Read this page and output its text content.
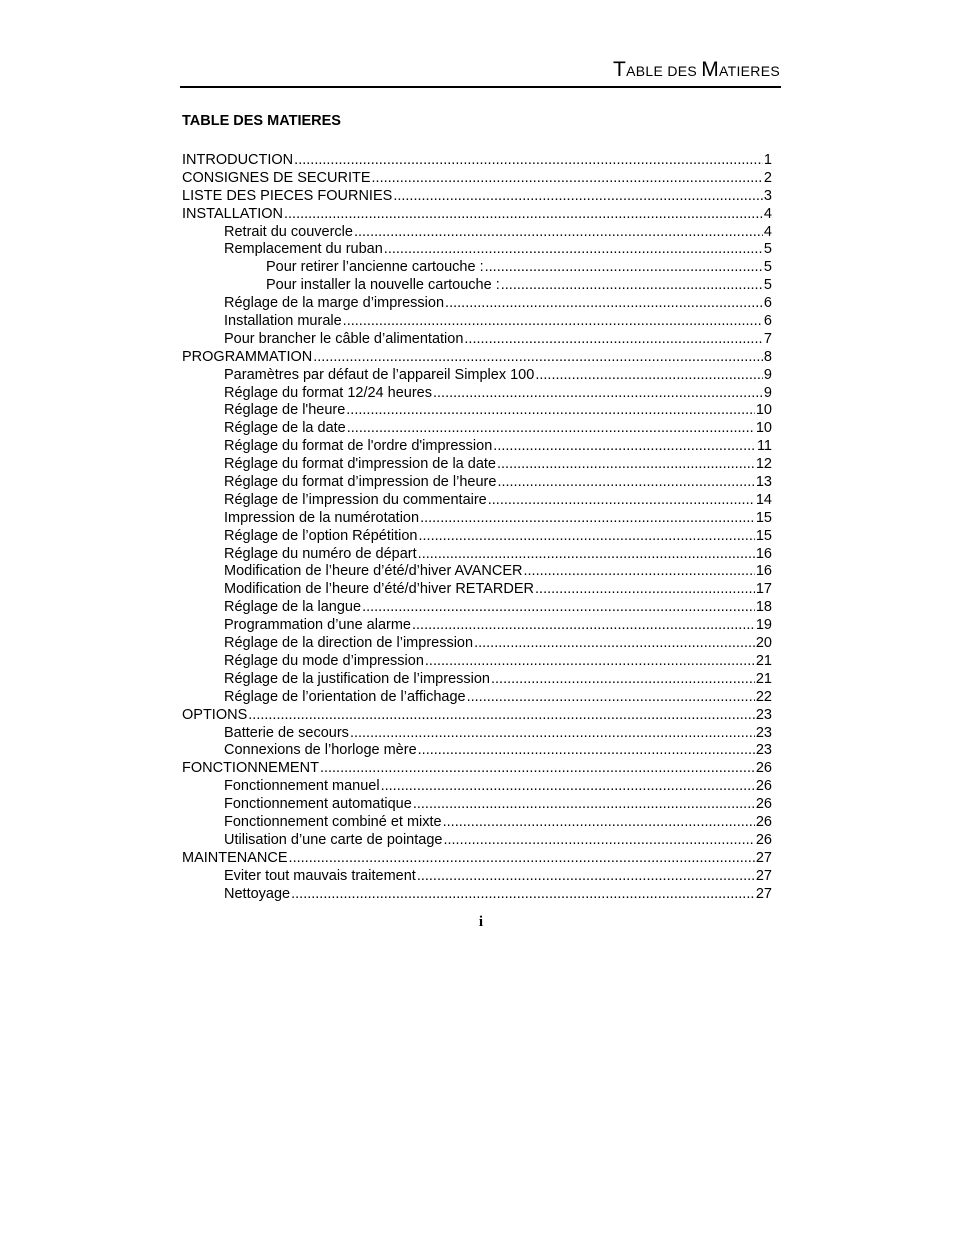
TABLE DES MATIERES
TABLE DES MATIERES
INTRODUCTION .....	1
CONSIGNES DE SECURITE .....	2
LISTE DES PIECES FOURNIES .....	3
INSTALLATION .....	4
Retrait du couvercle .....	4
Remplacement du ruban .....	5
Pour retirer l’ancienne cartouche : .....	5
Pour installer la nouvelle cartouche : .....	5
Réglage de la marge d’impression .....	6
Installation murale .....	6
Pour brancher le câble d’alimentation .....	7
PROGRAMMATION .....	8
Paramètres par défaut de l’appareil Simplex 100 .....	9
Réglage du format 12/24 heures .....	9
Réglage de l'heure .....	10
Réglage de la date .....	10
Réglage du format de l'ordre d'impression .....	11
Réglage du format d'impression de la date .....	12
Réglage du format d’impression de l’heure .....	13
Réglage de l’impression du commentaire .....	14
Impression de la numérotation .....	15
Réglage de l’option Répétition .....	15
Réglage du numéro de départ .....	16
Modification de l’heure d’été/d’hiver AVANCER .....	16
Modification de l’heure d’été/d’hiver RETARDER .....	17
Réglage de la langue .....	18
Programmation d’une alarme .....	19
Réglage de la direction de l’impression .....	20
Réglage du mode d’impression .....	21
Réglage de la justification de l’impression .....	21
Réglage de l’orientation de l’affichage .....	22
OPTIONS .....	23
Batterie de secours .....	23
Connexions de l’horloge mère .....	23
FONCTIONNEMENT .....	26
Fonctionnement manuel .....	26
Fonctionnement automatique .....	26
Fonctionnement combiné et mixte .....	26
Utilisation d’une carte de pointage .....	26
MAINTENANCE .....	27
Eviter tout mauvais traitement .....	27
Nettoyage .....	27
i
